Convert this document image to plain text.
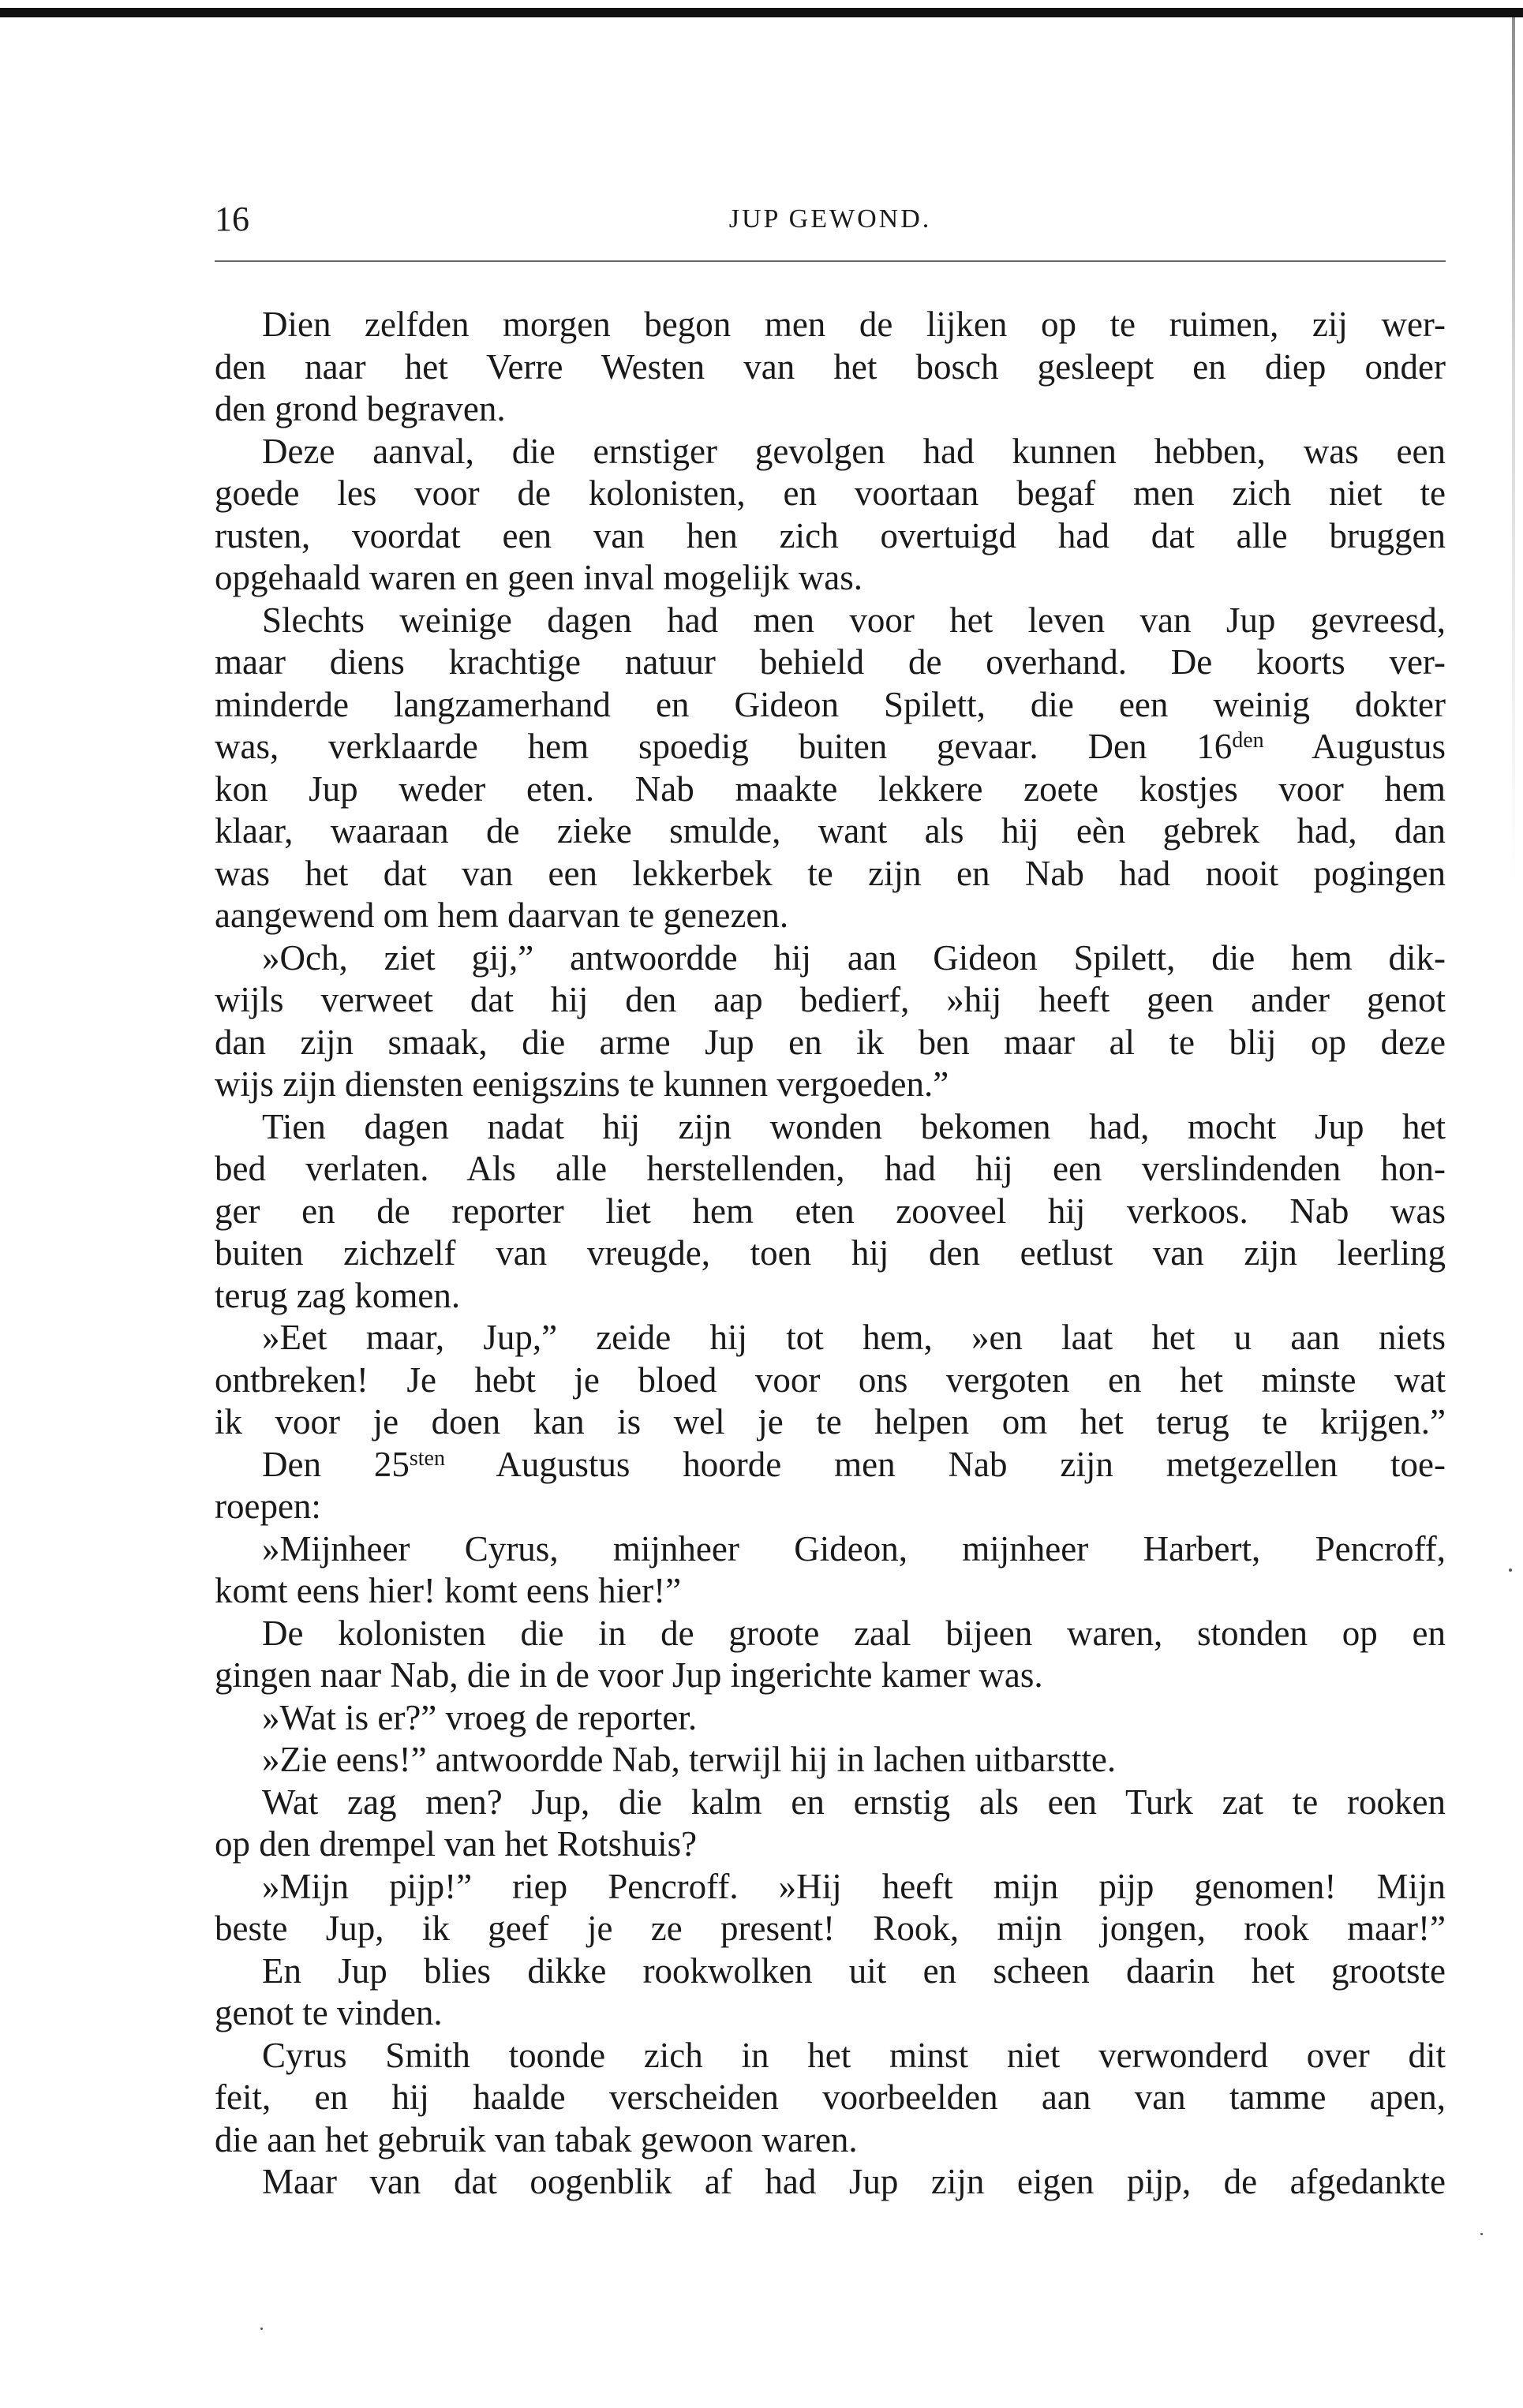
16	JUP GEWOND.
Dien zelfden morgen begon men de lijken op te ruimen, zij wer-
den naar het Verre Westen van het bosch gesleept en diep onder
den grond begraven.
Deze aanval, die ernstiger gevolgen had kunnen hebben, was een
goede les voor de kolonisten, en voortaan begaf men zich niet te
rusten, voordat een van hen zich overtuigd had dat alle bruggen
opgehaald waren en geen inval mogelijk was.
Slechts weinige dagen had men voor het leven van Jup gevreesd,
maar diens krachtige natuur behield de overhand. De koorts ver-
minderde langzamerhand en Gideon Spilett, die een weinig dokter
was, verklaarde hem spoedig buiten gevaar. Den $16^{den}$ Augustus
kon Jup weder eten. Nab maakte lekkere zoete kostjes voor hem
klaar, waaraan de zieke smulde, want als hij eèn gebrek had, dan
was het dat van een lekkerbek te zijn en Nab had nooit pogingen
aangewend om hem daarvan te genezen.
»Och, ziet gij,” antwoordde hij aan Gideon Spilett, die hem dik-
wijls verweet dat hij den aap bedierf, »hij heeft geen ander genot
dan zijn smaak, die arme Jup en ik ben maar al te blij op deze
wijs zijn diensten eenigszins te kunnen vergoeden.”
Tien dagen nadat hij zijn wonden bekomen had, mocht Jup het
bed verlaten. Als alle herstellenden, had hij een verslindenden hon-
ger en de reporter liet hem eten zooveel hij verkoos. Nab was
buiten zichzelf van vreugde, toen hij den eetlust van zijn leerling
terug zag komen.
»Eet maar, Jup,” zeide hij tot hem, »en laat het u aan niets
ontbreken! Je hebt je bloed voor ons vergoten en het minste wat
ik voor je doen kan is wel je te helpen om het terug te krijgen.”
Den $25^{sten}$ Augustus hoorde men Nab zijn metgezellen toe-
roepen:
»Mijnheer Cyrus, mijnheer Gideon, mijnheer Harbert, Pencroff,
komt eens hier! komt eens hier!”
De kolonisten die in de groote zaal bijeen waren, stonden op en
gingen naar Nab, die in de voor Jup ingerichte kamer was.
»Wat is er?” vroeg de reporter.
»Zie eens!” antwoordde Nab, terwijl hij in lachen uitbarstte.
Wat zag men? Jup, die kalm en ernstig als een Turk zat te rooken
op den drempel van het Rotshuis?
»Mijn pijp!” riep Pencroff. »Hij heeft mijn pijp genomen! Mijn
beste Jup, ik geef je ze present! Rook, mijn jongen, rook maar!”
En Jup blies dikke rookwolken uit en scheen daarin het grootste
genot te vinden.
Cyrus Smith toonde zich in het minst niet verwonderd over dit
feit, en hij haalde verscheiden voorbeelden aan van tamme apen,
die aan het gebruik van tabak gewoon waren.
Maar van dat oogenblik af had Jup zijn eigen pijp, de afgedankte
